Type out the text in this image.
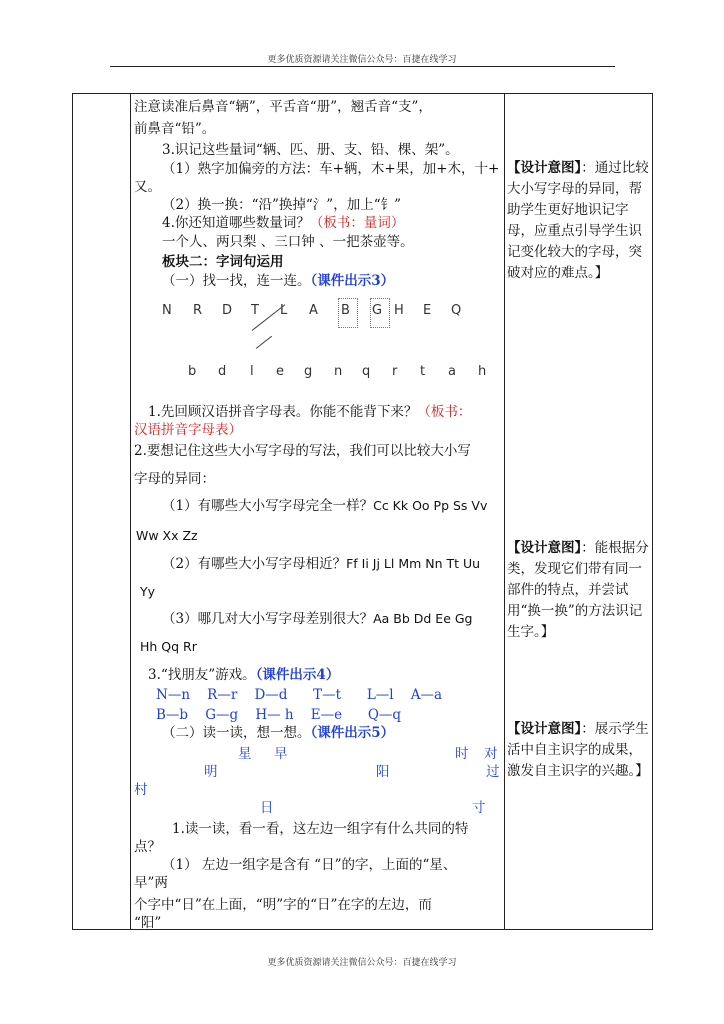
更多优质资源请关注微信公众号：百捷在线学习
注意读准后鼻音“辆”，平舌音“册”，翘舌音“支”，
前鼻音“铅”。
3.识记这些量词“辆、匹、册、支、铅、棵、架”。
（1）熟字加偏旁的方法：车+辆，木+果，加+木，十+
又。
（2）换一换：“沿”换掉“氵”，加上“钅”
4.你还知道哪些数量词？（板书：量词）
一个人、两只梨 、三口钟 、一把茶壶等。
板块二：字词句运用
（一）找一找，连一连。（课件出示3）
N R D T L A B G H E Q
b d l e g n q r t a h
1.先回顾汉语拼音字母表。你能不能背下来？（板书：
汉语拼音字母表）
2.要想记住这些大小写字母的写法，我们可以比较大小写
字母的异同：
（1）有哪些大小写字母完全一样？Cc Kk Oo Pp Ss Vv
Ww Xx Zz
（2）有哪些大小写字母相近？Ff Ii Jj Ll Mm Nn Tt Uu
Yy
（3）哪几对大小写字母差别很大？Aa Bb Dd Ee Gg
Hh Qq Rr
3.“找朋友”游戏。（课件出示4）
N—n    R—r    D—d      T—t      L—l    A—a
B—b    G—g    H— h    E—e      Q—q
（二）读一读，想一想。（课件出示5）
星 早	时 对
明	阳	过
村
日	寸
1.读一读，看一看，这左边一组字有什么共同的特
点？
（1） 左边一组字是含有 “日”的字，上面的“星、
早”两
个字中“日”在上面，“明”字的“日”在字的左边，而
“阳”
【设计意图】：通过比较大小写字母的异同，帮助学生更好地识记字母，应重点引导学生识记变化较大的字母，突破对应的难点。】
【设计意图】：能根据分类，发现它们带有同一部件的特点，并尝试用“换一换”的方法识记生字。】
【设计意图】：展示学生活中自主识字的成果，激发自主识字的兴趣。】
更多优质资源请关注微信公众号：百捷在线学习
